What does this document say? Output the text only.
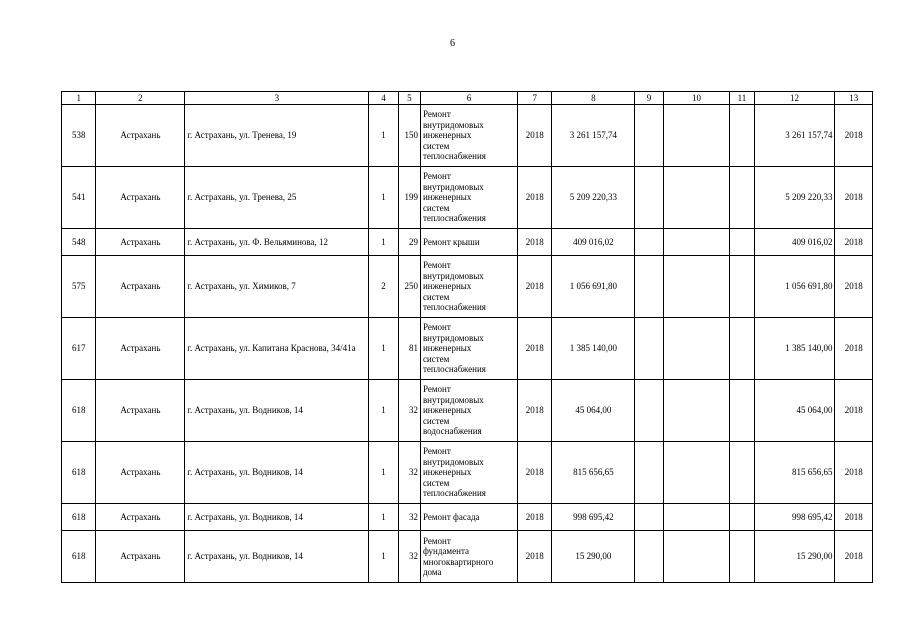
6
1	2	3	4	5	6	7	8	9	10	11	12	13
538	Астрахань	г. Астрахань, ул. Тренева, 19	1	150	Ремонт
внутридомовых
инженерных
систем
теплоснабжения	2018	3 261 157,74				3 261 157,74	2018
541	Астрахань	г. Астрахань, ул. Тренева, 25	1	199	Ремонт
внутридомовых
инженерных
систем
теплоснабжения	2018	5 209 220,33				5 209 220,33	2018
548	Астрахань	г. Астрахань, ул. Ф. Вельяминова, 12	1	29	Ремонт крыши	2018	409 016,02				409 016,02	2018
575	Астрахань	г. Астрахань, ул. Химиков, 7	2	250	Ремонт
внутридомовых
инженерных
систем
теплоснабжения	2018	1 056 691,80				1 056 691,80	2018
617	Астрахань	г. Астрахань, ул. Капитана Краснова, 34/41а	1	81	Ремонт
внутридомовых
инженерных
систем
теплоснабжения	2018	1 385 140,00				1 385 140,00	2018
618	Астрахань	г. Астрахань, ул. Водников, 14	1	32	Ремонт
внутридомовых
инженерных
систем
водоснабжения	2018	45 064,00				45 064,00	2018
618	Астрахань	г. Астрахань, ул. Водников, 14	1	32	Ремонт
внутридомовых
инженерных
систем
теплоснабжения	2018	815 656,65				815 656,65	2018
618	Астрахань	г. Астрахань, ул. Водников, 14	1	32	Ремонт фасада	2018	998 695,42				998 695,42	2018
618	Астрахань	г. Астрахань, ул. Водников, 14	1	32	Ремонт
фундамента
многоквартирного
дома	2018	15 290,00				15 290,00	2018
